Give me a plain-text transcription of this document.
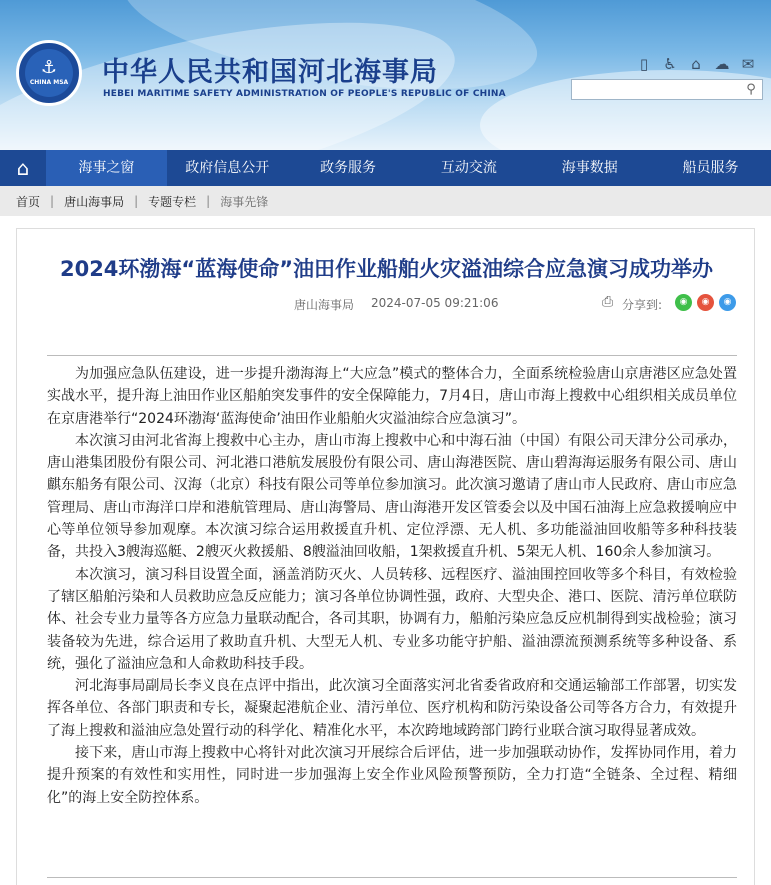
⚓
CHINA MSA 中华人民共和国河北海事局
HEBEI MARITIME SAFETY ADMINISTRATION OF PEOPLE'S REPUBLIC OF CHINA
▯	♿ ⌂ ☁ ✉
⚲
⌂	海事之窗	政府信息公开	政务服务	互动交流	海事数据	船员服务
首页 | 唐山海事局 | 专题专栏 | 海事先锋
2024环渤海“蓝海使命”油田作业船舶火灾溢油综合应急演习成功举办
唐山海事局 2024-07-05 09:21:06	⎙ 分享到:	◉	◉	◉

为加强应急队伍建设，进一步提升渤海海上“大应急”模式的整体合力，全面系统检验唐山京唐港区应急处置实战水平，提升海上油田作业区船舶突发事件的安全保障能力，7月4日，唐山市海上搜救中心组织相关成员单位在京唐港举行“2024环渤海‘蓝海使命’油田作业船舶火灾溢油综合应急演习”。

本次演习由河北省海上搜救中心主办，唐山市海上搜救中心和中海石油（中国）有限公司天津分公司承办，唐山港集团股份有限公司、河北港口港航发展股份有限公司、唐山海港医院、唐山碧海海运服务有限公司、唐山麒东船务有限公司、汉海（北京）科技有限公司等单位参加演习。此次演习邀请了唐山市人民政府、唐山市应急管理局、唐山市海洋口岸和港航管理局、唐山海警局、唐山海港开发区管委会以及中国石油海上应急救援响应中心等单位领导参加观摩。本次演习综合运用救援直升机、定位浮漂、无人机、多功能溢油回收船等多种科技装备，共投入3艘海巡艇、2艘灭火救援船、8艘溢油回收船，1架救援直升机、5架无人机、160余人参加演习。

本次演习，演习科目设置全面，涵盖消防灭火、人员转移、远程医疗、溢油围控回收等多个科目，有效检验了辖区船舶污染和人员救助应急反应能力；演习各单位协调性强，政府、大型央企、港口、医院、清污单位联防体、社会专业力量等各方应急力量联动配合，各司其职，协调有力，船舶污染应急反应机制得到实战检验；演习装备较为先进，综合运用了救助直升机、大型无人机、专业多功能守护船、溢油漂流预测系统等多种设备、系统，强化了溢油应急和人命救助科技手段。

河北海事局副局长李义良在点评中指出，此次演习全面落实河北省委省政府和交通运输部工作部署，切实发挥各单位、各部门职责和专长，凝聚起港航企业、清污单位、医疗机构和防污染设备公司等各方合力，有效提升了海上搜救和溢油应急处置行动的科学化、精准化水平，本次跨地域跨部门跨行业联合演习取得显著成效。

接下来，唐山市海上搜救中心将针对此次演习开展综合后评估，进一步加强联动协作，发挥协同作用，着力提升预案的有效性和实用性，同时进一步加强海上安全作业风险预警预防，全力打造“全链条、全过程、精细化”的海上安全防控体系。
